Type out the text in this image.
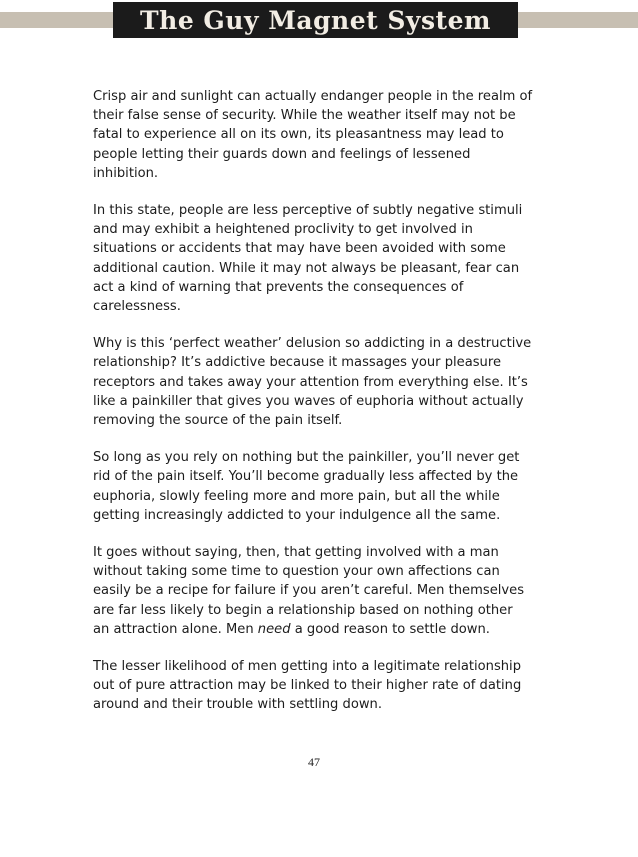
The Guy Magnet System

Crisp air and sunlight can actually endanger people in the realm of their false sense of security. While the weather itself may not be fatal to experience all on its own, its pleasantness may lead to people letting their guards down and feelings of lessened inhibition.

In this state, people are less perceptive of subtly negative stimuli and may exhibit a heightened proclivity to get involved in situations or accidents that may have been avoided with some additional caution. While it may not always be pleasant, fear can act a kind of warning that prevents the consequences of carelessness.

Why is this ‘perfect weather’ delusion so addicting in a destructive relationship? It’s addictive because it massages your pleasure receptors and takes away your attention from everything else. It’s like a painkiller that gives you waves of euphoria without actually removing the source of the pain itself.

So long as you rely on nothing but the painkiller, you’ll never get rid of the pain itself. You’ll become gradually less affected by the euphoria, slowly feeling more and more pain, but all the while getting increasingly addicted to your indulgence all the same.

It goes without saying, then, that getting involved with a man without taking some time to question your own affections can easily be a recipe for failure if you aren’t careful. Men themselves are far less likely to begin a relationship based on nothing other an attraction alone. Men need a good reason to settle down.

The lesser likelihood of men getting into a legitimate relationship out of pure attraction may be linked to their higher rate of dating around and their trouble with settling down.

47
